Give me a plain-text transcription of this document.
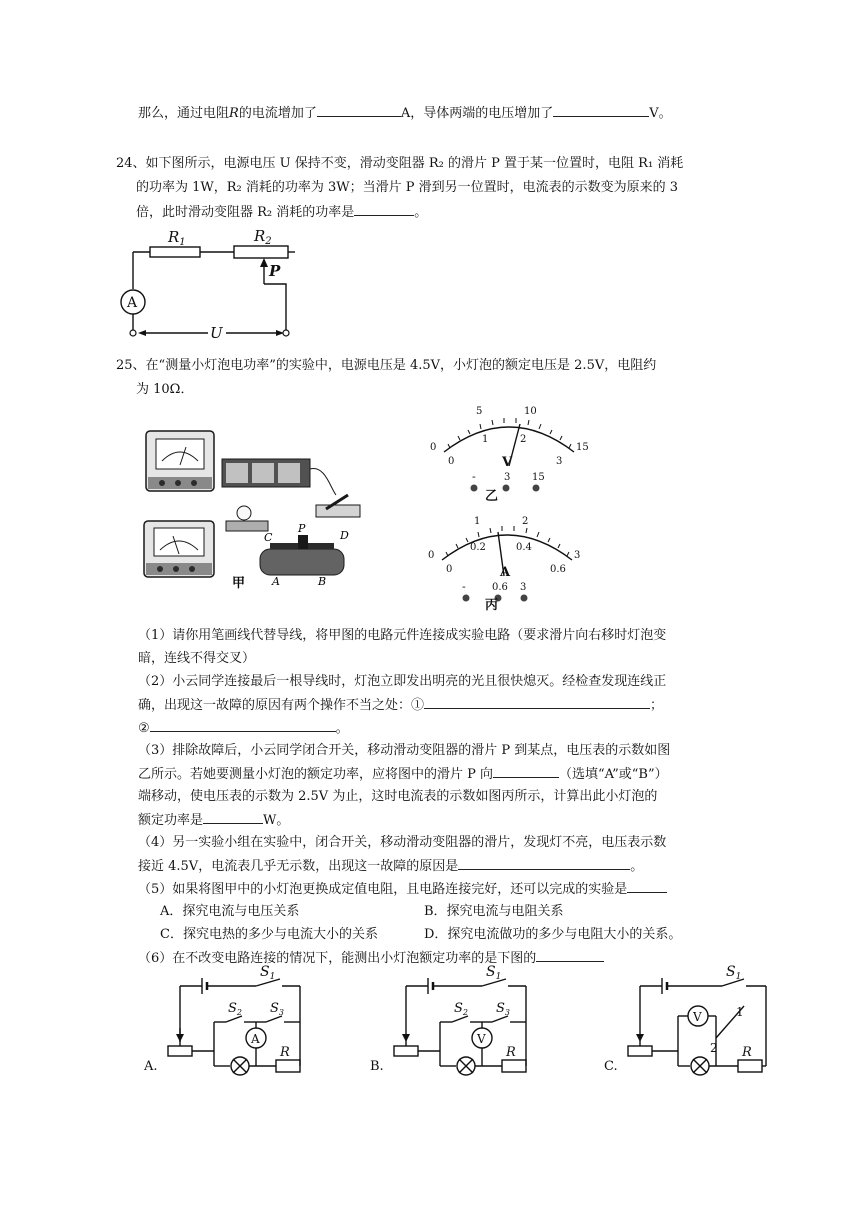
那么，通过电阻R的电流增加了	A，导体两端的电压增加了	V。
24、如下图所示，电源电压 U 保持不变，滑动变阻器 R₂ 的滑片 P 置于某一位置时，电阻 R₁ 消耗
的功率为 1W，R₂ 消耗的功率为 3W；当滑片 P 滑到另一位置时，电流表的示数变为原来的 3
倍，此时滑动变阻器 R₂ 消耗的功率是	。
$R_1$	$R_2$
P
A
U
25、在“测量小灯泡电功率”的实验中，电源电压是 4.5V，小灯泡的额定电压是 2.5V，电阻约
为 10Ω．
C
P
D
A	B
甲
0
5	10
15
0
1	2
3
V
-	3 15
乙
0
1	2
3
0
0.2	0.4
0.6
A
-	0.6 3
丙
（1）请你用笔画线代替导线，将甲图的电路元件连接成实验电路（要求滑片向右移时灯泡变
暗，连线不得交叉）
（2）小云同学连接最后一根导线时，灯泡立即发出明亮的光且很快熄灭。经检查发现连线正
确，出现这一故障的原因有两个操作不当之处：①	；
②	。
（3）排除故障后，小云同学闭合开关，移动滑动变阻器的滑片 P 到某点，电压表的示数如图
乙所示。若她要测量小灯泡的额定功率，应将图中的滑片 P 向	（选填“A”或“B”）
端移动，使电压表的示数为 2.5V 为止，这时电流表的示数如图丙所示，计算出此小灯泡的
额定功率是	W。
（4）另一实验小组在实验中，闭合开关，移动滑动变阻器的滑片，发现灯不亮，电压表示数
接近 4.5V，电流表几乎无示数，出现这一故障的原因是	。
（5）如果将图甲中的小灯泡更换成定值电阻，且电路连接完好，还可以完成的实验是
A．探究电流与电压关系	B．探究电流与电阻关系
C．探究电热的多少与电流大小的关系	D．探究电流做功的多少与电阻大小的关系。
（6）在不改变电路连接的情况下，能测出小灯泡额定功率的是下图的
$S_1$
$S_2$ $S_3$
A
R
A.
$S_1$
$S_2$ $S_3$
V
R
B.
$S_1$
V	1
2 R
C.
